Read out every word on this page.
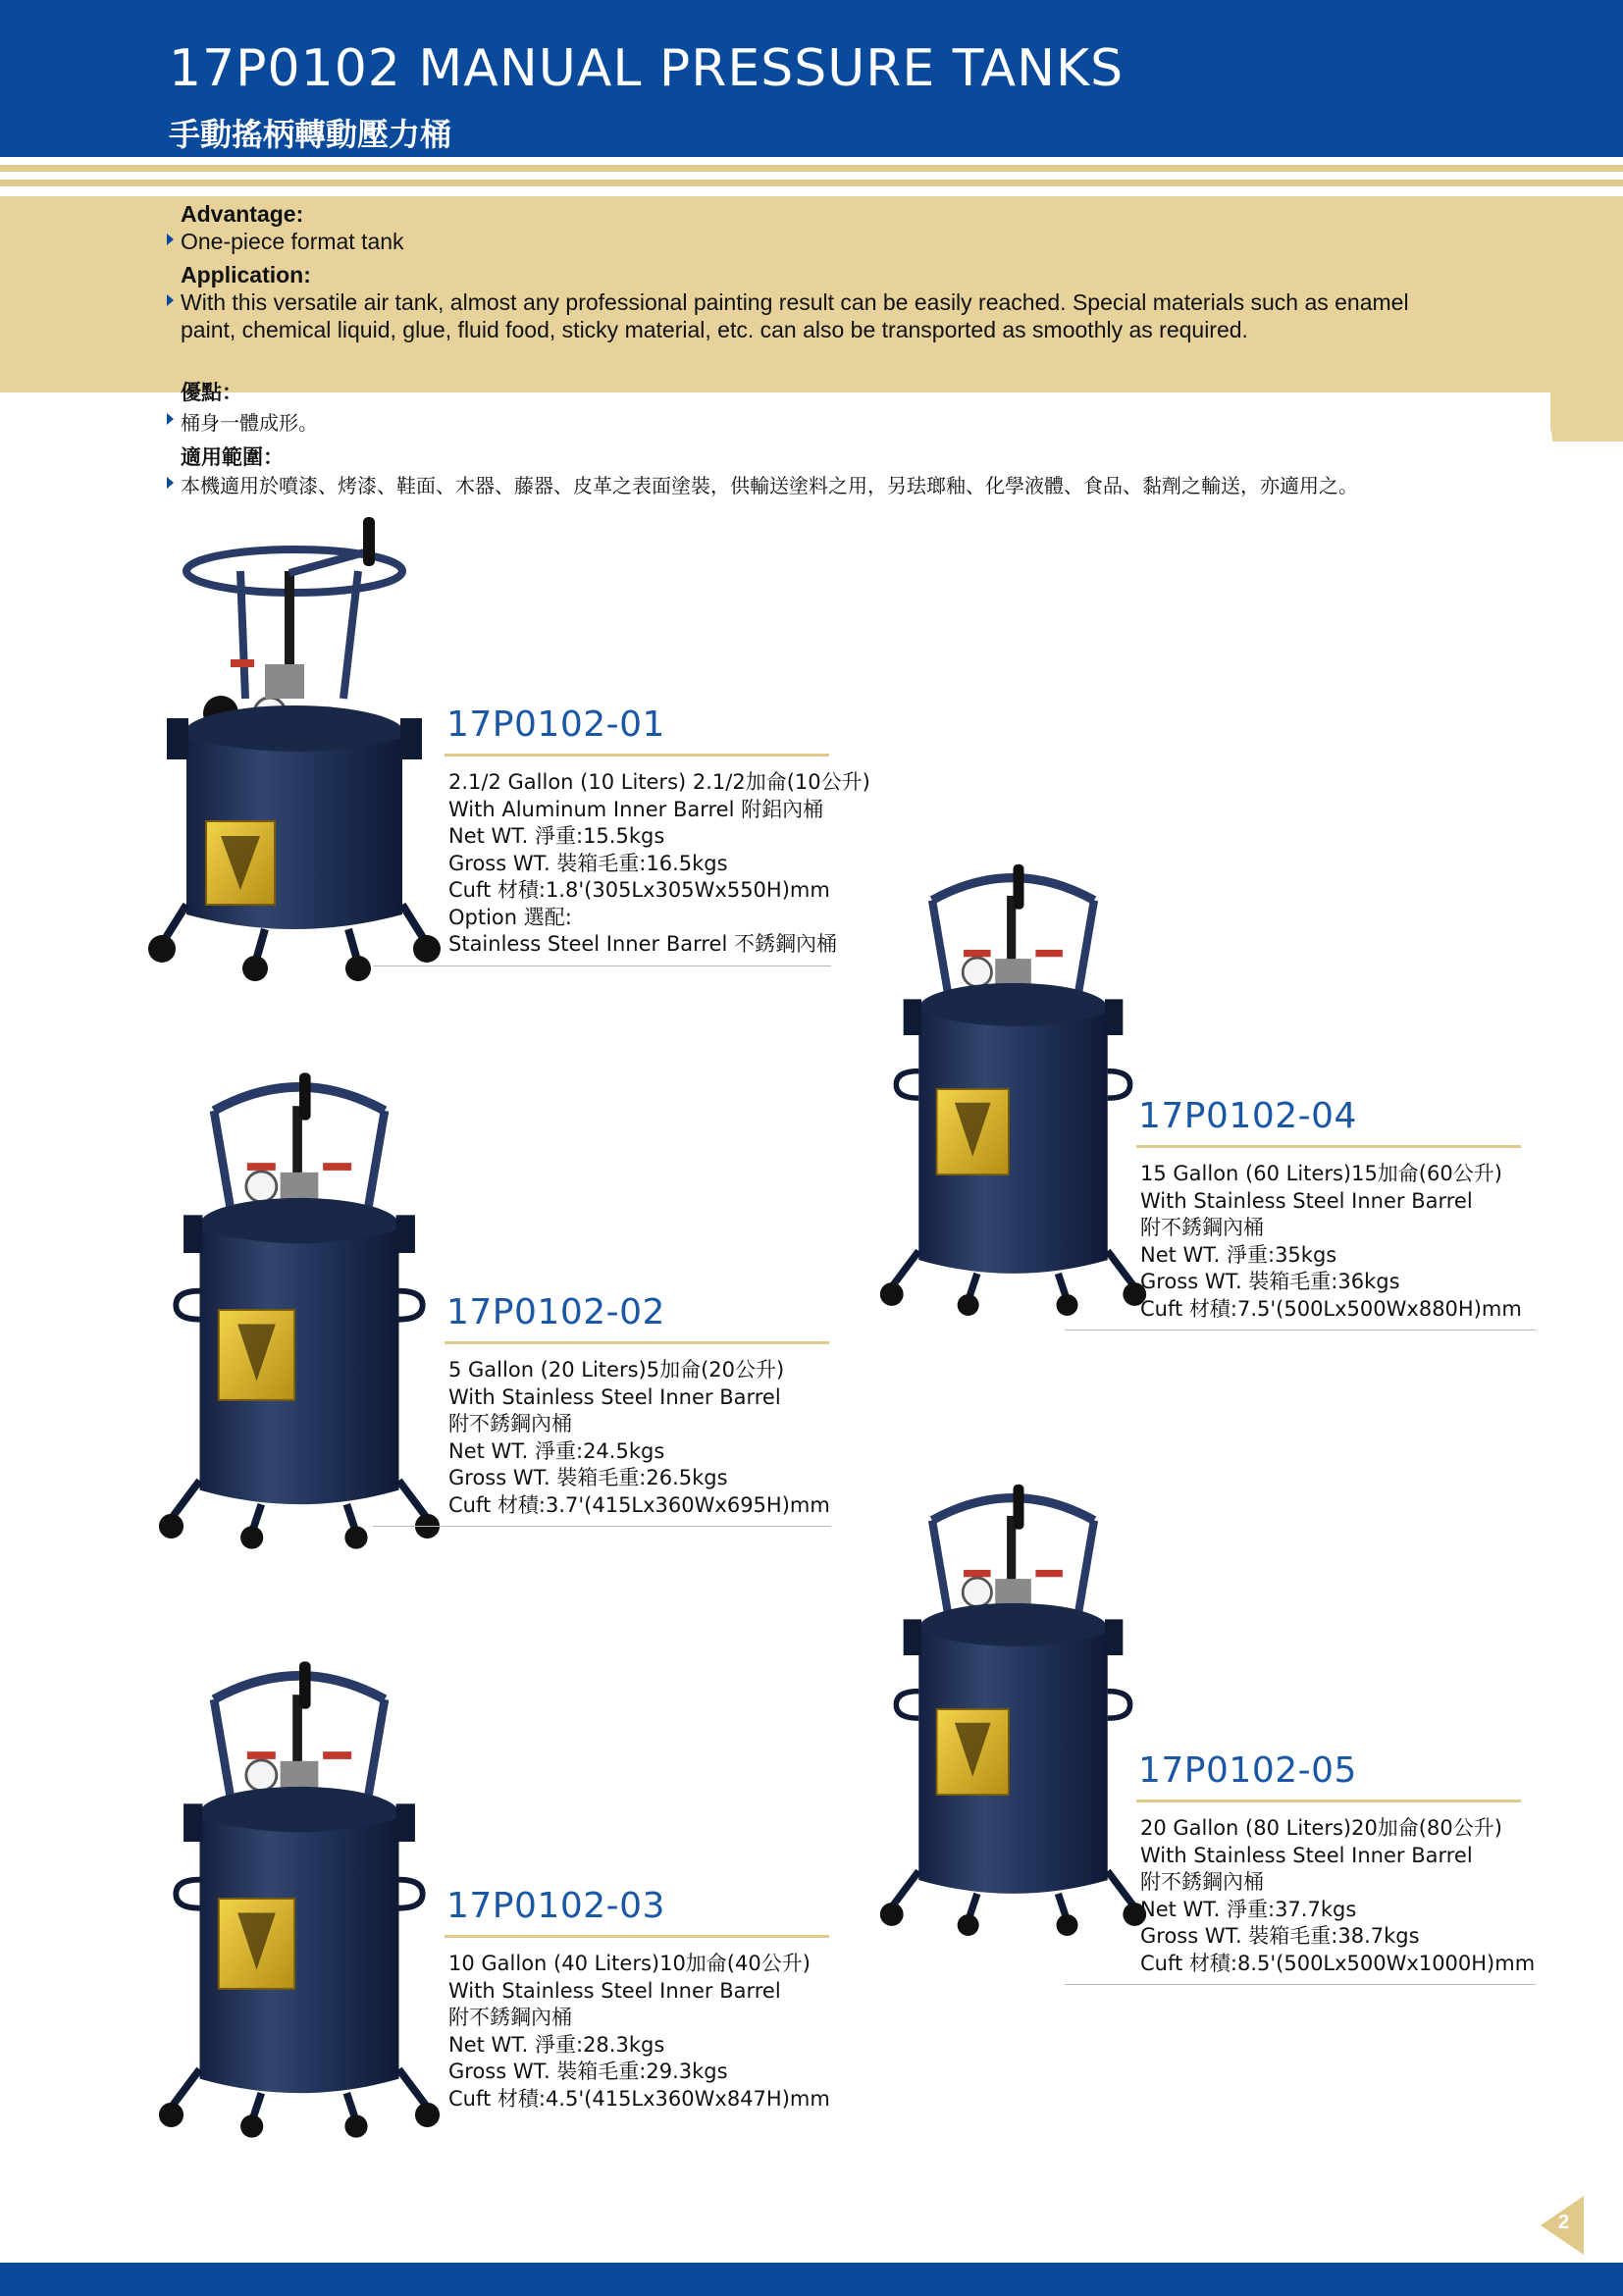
17P0102 MANUAL PRESSURE TANKS
手動搖柄轉動壓力桶
Advantage:
One-piece format tank
Application:
With this versatile air tank, almost any professional painting result can be easily reached. Special materials such as enamel
paint, chemical liquid, glue, fluid food, sticky material, etc. can also be transported as smoothly as required.
優點：
桶身一體成形。
適用範圍：
本機適用於噴漆、烤漆、鞋面、木器、藤器、皮革之表面塗裝，供輸送塗料之用，另珐瑯釉、化學液體、食品、黏劑之輸送，亦適用之。
17P0102-01
2.1/2 Gallon (10 Liters) 2.1/2加侖(10公升)
With Aluminum Inner Barrel 附鋁內桶
Net WT. 淨重:15.5kgs
Gross WT. 裝箱毛重:16.5kgs
Cuft 材積:1.8'(305Lx305Wx550H)mm
Option 選配:
Stainless Steel Inner Barrel 不銹鋼內桶
17P0102-02
5 Gallon (20 Liters)5加侖(20公升)
With Stainless Steel Inner Barrel
附不銹鋼內桶
Net WT. 淨重:24.5kgs
Gross WT. 裝箱毛重:26.5kgs
Cuft 材積:3.7'(415Lx360Wx695H)mm
17P0102-03
10 Gallon (40 Liters)10加侖(40公升)
With Stainless Steel Inner Barrel
附不銹鋼內桶
Net WT. 淨重:28.3kgs
Gross WT. 裝箱毛重:29.3kgs
Cuft 材積:4.5'(415Lx360Wx847H)mm
17P0102-04
15 Gallon (60 Liters)15加侖(60公升)
With Stainless Steel Inner Barrel
附不銹鋼內桶
Net WT. 淨重:35kgs
Gross WT. 裝箱毛重:36kgs
Cuft 材積:7.5'(500Lx500Wx880H)mm
17P0102-05
20 Gallon (80 Liters)20加侖(80公升)
With Stainless Steel Inner Barrel
附不銹鋼內桶
Net WT. 淨重:37.7kgs
Gross WT. 裝箱毛重:38.7kgs
Cuft 材積:8.5'(500Lx500Wx1000H)mm
2
